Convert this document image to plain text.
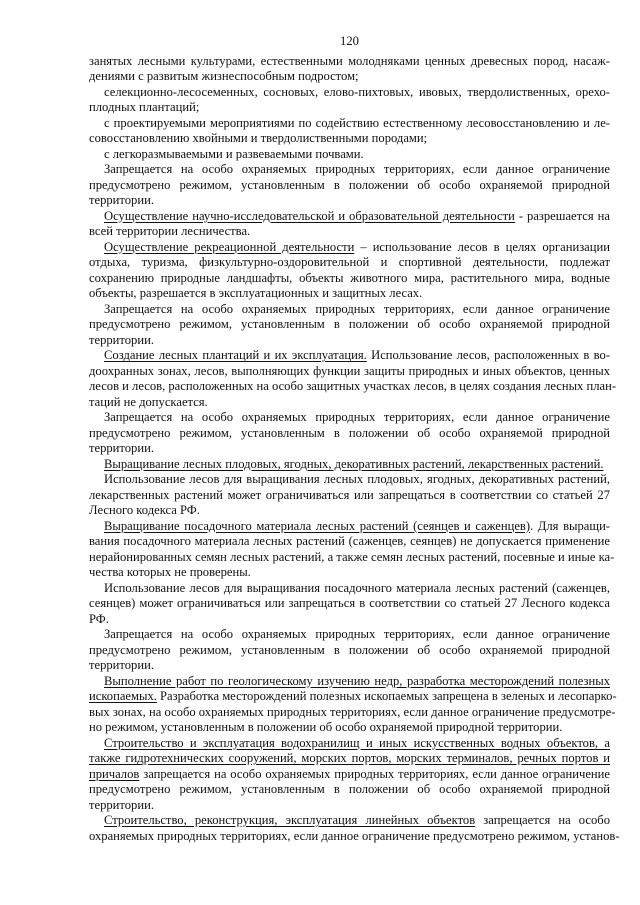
120
занятых лесными культурами, естественными молодняками ценных древесных пород, насаж-
дениями с развитым жизнеспособным подростом;
селекционно-лесосеменных, сосновых, елово-пихтовых, ивовых, твердолиственных, орехо-
плодных плантаций;
с проектируемыми мероприятиями по содействию естественному лесовосстановлению и ле-
совосстановлению хвойными и твердолиственными породами;
с легкоразмываемыми и развеваемыми почвами.
Запрещается на особо охраняемых природных территориях, если данное ограничение
предусмотрено режимом, установленным в положении об особо охраняемой природной
территории.
Осуществление научно-исследовательской и образовательной деятельности - разрешается на
всей территории лесничества.
Осуществление рекреационной деятельности – использование лесов в целях организации
отдыха, туризма, физкультурно-оздоровительной и спортивной деятельности, подлежат
сохранению природные ландшафты, объекты животного мира, растительного мира, водные
объекты, разрешается в эксплуатационных и защитных лесах.
Запрещается на особо охраняемых природных территориях, если данное ограничение
предусмотрено режимом, установленным в положении об особо охраняемой природной
территории.
Создание лесных плантаций и их эксплуатация. Использование лесов, расположенных в во-
доохранных зонах, лесов, выполняющих функции защиты природных и иных объектов, ценных
лесов и лесов, расположенных на особо защитных участках лесов, в целях создания лесных план-
таций не допускается.
Запрещается на особо охраняемых природных территориях, если данное ограничение
предусмотрено режимом, установленным в положении об особо охраняемой природной
территории.
Выращивание лесных плодовых, ягодных, декоративных растений, лекарственных растений.
Использование лесов для выращивания лесных плодовых, ягодных, декоративных растений,
лекарственных растений может ограничиваться или запрещаться в соответствии со статьей 27
Лесного кодекса РФ.
Выращивание посадочного материала лесных растений (сеянцев и саженцев). Для выращи-
вания посадочного материала лесных растений (саженцев, сеянцев) не допускается применение
нерайонированных семян лесных растений, а также семян лесных растений, посевные и иные ка-
чества которых не проверены.
Использование лесов для выращивания посадочного материала лесных растений (саженцев,
сеянцев) может ограничиваться или запрещаться в соответствии со статьей 27 Лесного кодекса
РФ.
Запрещается на особо охраняемых природных территориях, если данное ограничение
предусмотрено режимом, установленным в положении об особо охраняемой природной
территории.
Выполнение работ по геологическому изучению недр, разработка месторождений полезных
ископаемых. Разработка месторождений полезных ископаемых запрещена в зеленых и лесопарко-
вых зонах, на особо охраняемых природных территориях, если данное ограничение предусмотре-
но режимом, установленным в положении об особо охраняемой природной территории.
Строительство и эксплуатация водохранилищ и иных искусственных водных объектов, а
также гидротехнических сооружений, морских портов, морских терминалов, речных портов и
причалов запрещается на особо охраняемых природных территориях, если данное ограничение
предусмотрено режимом, установленным в положении об особо охраняемой природной
территории.
Строительство, реконструкция, эксплуатация линейных объектов запрещается на особо
охраняемых природных территориях, если данное ограничение предусмотрено режимом, установ-
